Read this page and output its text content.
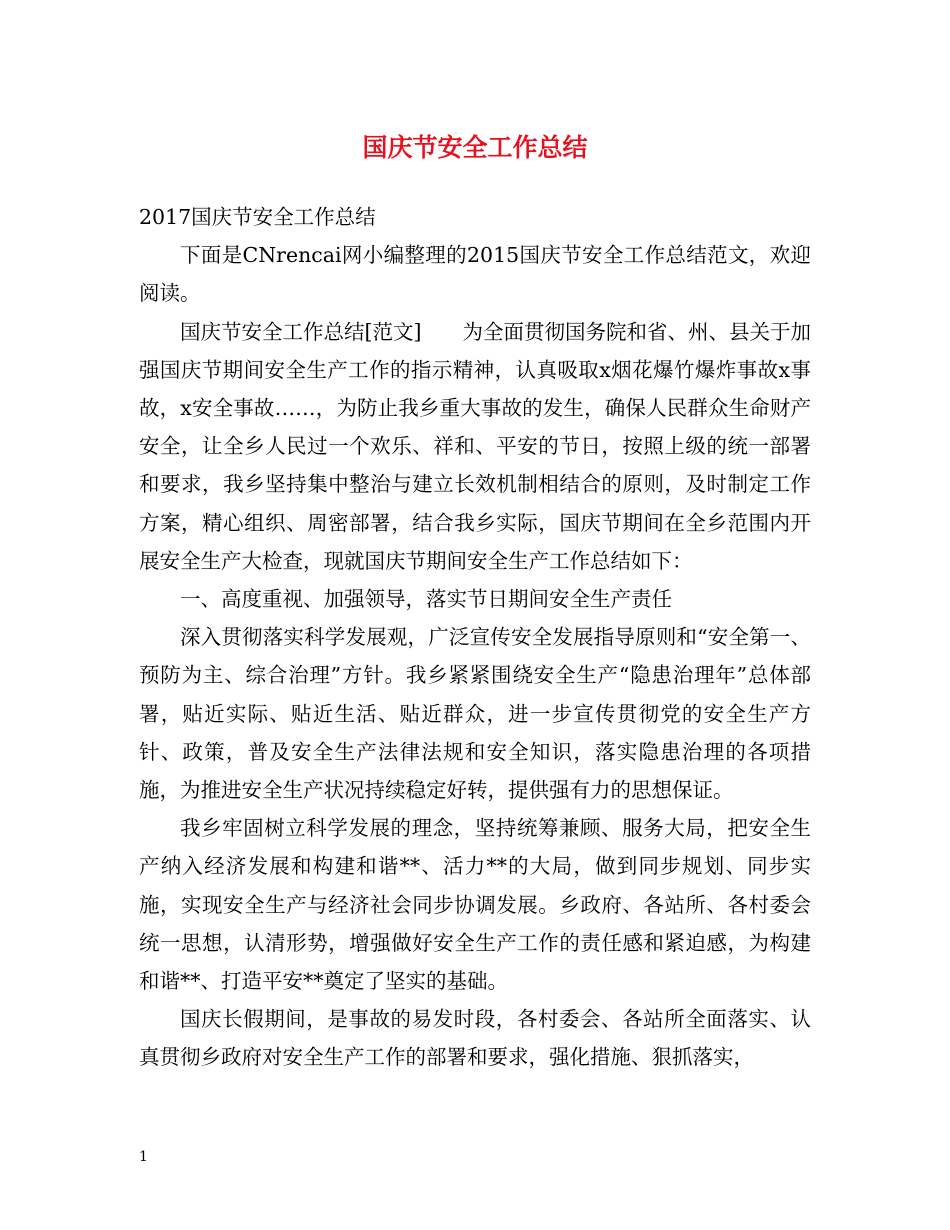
国庆节安全工作总结

2017国庆节安全工作总结

下面是CNrencai网小编整理的2015国庆节安全工作总结范文，欢迎阅读。

国庆节安全工作总结[范文]　　为全面贯彻国务院和省、州、县关于加强国庆节期间安全生产工作的指示精神，认真吸取x烟花爆竹爆炸事故x事故，x安全事故……，为防止我乡重大事故的发生，确保人民群众生命财产安全，让全乡人民过一个欢乐、祥和、平安的节日，按照上级的统一部署和要求，我乡坚持集中整治与建立长效机制相结合的原则，及时制定工作方案，精心组织、周密部署，结合我乡实际，国庆节期间在全乡范围内开展安全生产大检查，现就国庆节期间安全生产工作总结如下：

一、高度重视、加强领导，落实节日期间安全生产责任

深入贯彻落实科学发展观，广泛宣传安全发展指导原则和“安全第一、预防为主、综合治理”方针。我乡紧紧围绕安全生产“隐患治理年”总体部署，贴近实际、贴近生活、贴近群众，进一步宣传贯彻党的安全生产方针、政策，普及安全生产法律法规和安全知识，落实隐患治理的各项措施，为推进安全生产状况持续稳定好转，提供强有力的思想保证。

我乡牢固树立科学发展的理念，坚持统筹兼顾、服务大局，把安全生产纳入经济发展和构建和谐**、活力**的大局，做到同步规划、同步实施，实现安全生产与经济社会同步协调发展。乡政府、各站所、各村委会统一思想，认清形势，增强做好安全生产工作的责任感和紧迫感，为构建和谐**、打造平安**奠定了坚实的基础。

国庆长假期间，是事故的易发时段，各村委会、各站所全面落实、认真贯彻乡政府对安全生产工作的部署和要求，强化措施、狠抓落实，

1
